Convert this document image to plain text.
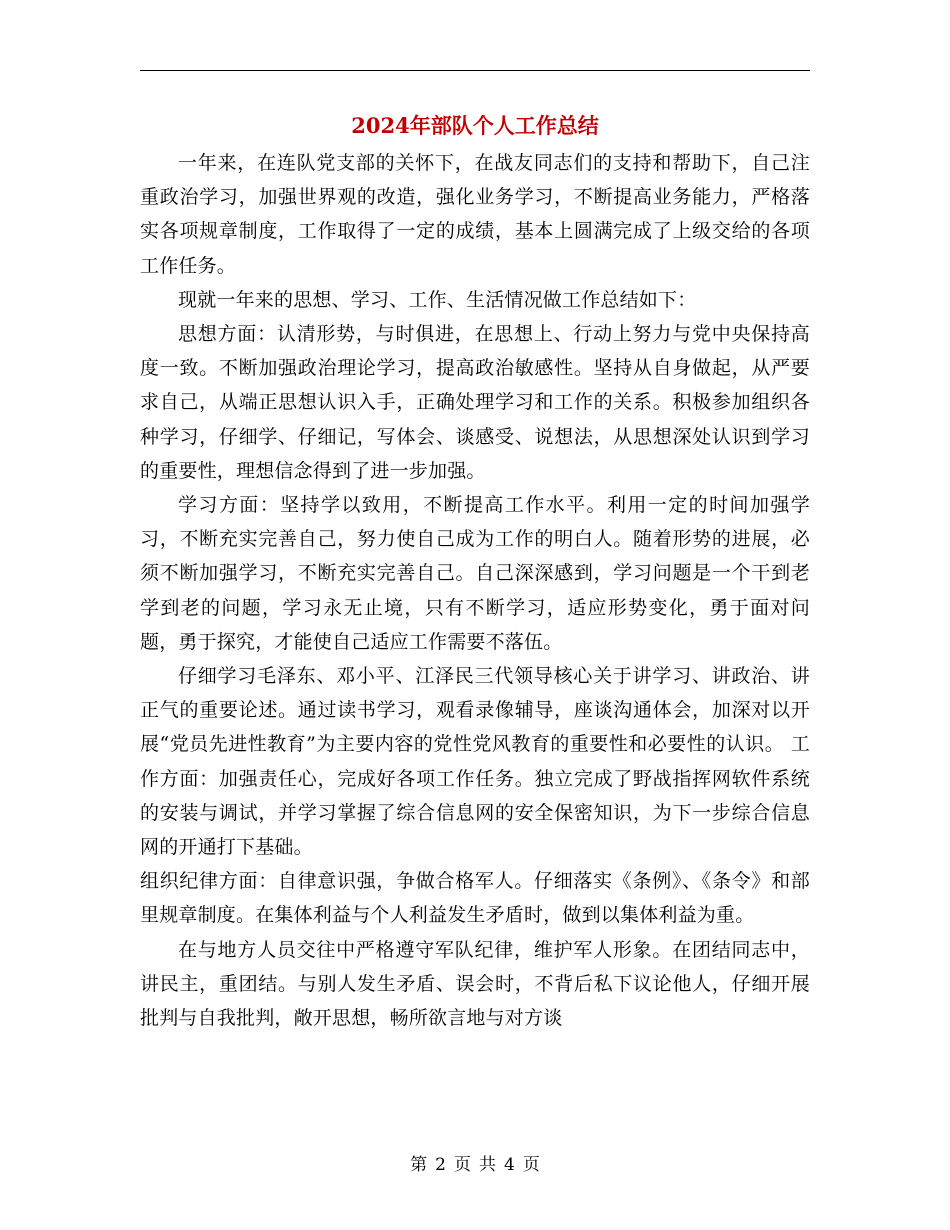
2024年部队个人工作总结

一年来，在连队党支部的关怀下，在战友同志们的支持和帮助下，自己注重政治学习，加强世界观的改造，强化业务学习，不断提高业务能力，严格落实各项规章制度，工作取得了一定的成绩，基本上圆满完成了上级交给的各项工作任务。

现就一年来的思想、学习、工作、生活情况做工作总结如下：

思想方面：认清形势，与时俱进，在思想上、行动上努力与党中央保持高度一致。不断加强政治理论学习，提高政治敏感性。坚持从自身做起，从严要求自己，从端正思想认识入手，正确处理学习和工作的关系。积极参加组织各种学习，仔细学、仔细记，写体会、谈感受、说想法，从思想深处认识到学习的重要性，理想信念得到了进一步加强。

学习方面：坚持学以致用，不断提高工作水平。利用一定的时间加强学习，不断充实完善自己，努力使自己成为工作的明白人。随着形势的进展，必须不断加强学习，不断充实完善自己。自己深深感到，学习问题是一个干到老学到老的问题，学习永无止境，只有不断学习，适应形势变化，勇于面对问题，勇于探究，才能使自己适应工作需要不落伍。

仔细学习毛泽东、邓小平、江泽民三代领导核心关于讲学习、讲政治、讲正气的重要论述。通过读书学习，观看录像辅导，座谈沟通体会，加深对以开展“党员先进性教育”为主要内容的党性党风教育的重要性和必要性的认识。 工作方面：加强责任心，完成好各项工作任务。独立完成了野战指挥网软件系统的安装与调试，并学习掌握了综合信息网的安全保密知识，为下一步综合信息网的开通打下基础。

组织纪律方面：自律意识强，争做合格军人。仔细落实《条例》、《条令》和部里规章制度。在集体利益与个人利益发生矛盾时，做到以集体利益为重。

在与地方人员交往中严格遵守军队纪律，维护军人形象。在团结同志中，讲民主，重团结。与别人发生矛盾、误会时，不背后私下议论他人，仔细开展批判与自我批判，敞开思想，畅所欲言地与对方谈

第 2 页 共 4 页
